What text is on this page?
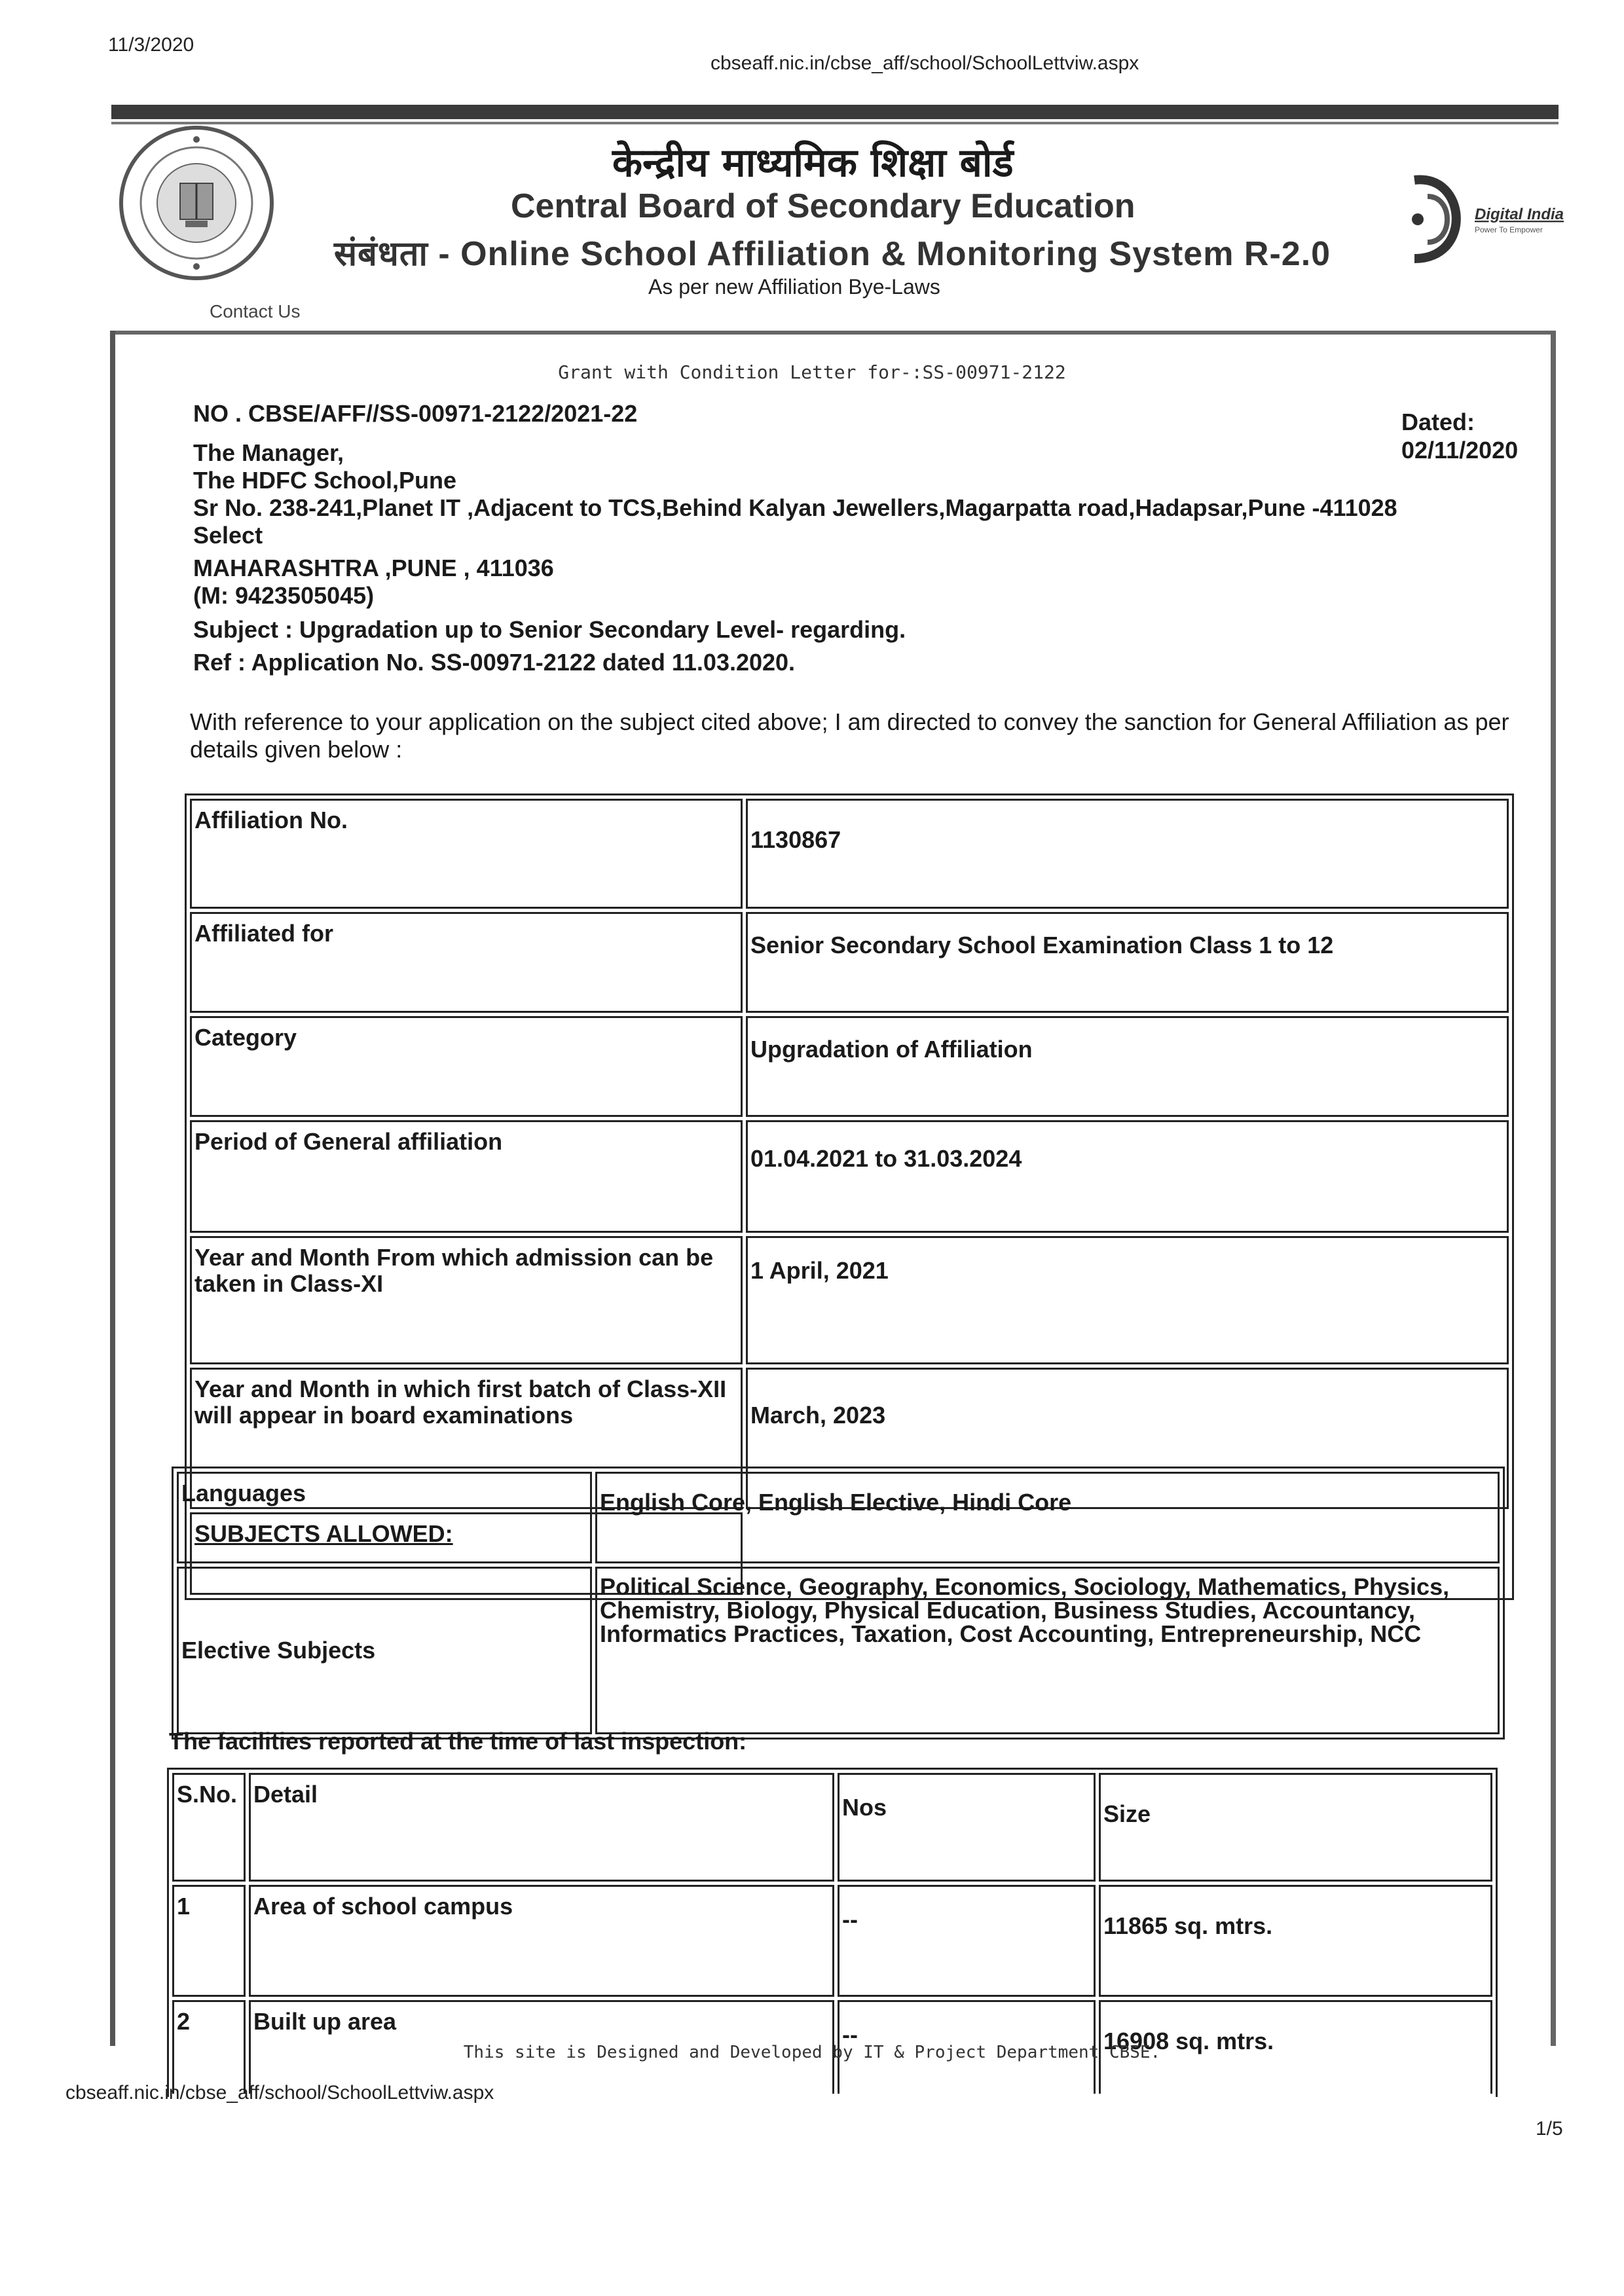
11/3/2020
cbseaff.nic.in/cbse_aff/school/SchoolLettviw.aspx
केन्द्रीय माध्यमिक शिक्षा बोर्ड
Central Board of Secondary Education
संबंधता - Online School Affiliation & Monitoring System R-2.0
As per new Affiliation Bye-Laws
Contact Us
Digital India
Power To Empower
Grant with Condition Letter for-:SS-00971-2122
NO . CBSE/AFF//SS-00971-2122/2021-22	Dated:
02/11/2020
The Manager,
The HDFC School,Pune
Sr No. 238-241,Planet IT ,Adjacent to TCS,Behind Kalyan Jewellers,Magarpatta road,Hadapsar,Pune -411028
Select
MAHARASHTRA ,PUNE , 411036
(M: 9423505045)
Subject : Upgradation up to Senior Secondary Level- regarding.
Ref : Application No. SS-00971-2122 dated 11.03.2020.
With reference to your application on the subject cited above; I am directed to convey the sanction for General Affiliation as per details given below :
Affiliation No.	1130867
Affiliated for	Senior Secondary School Examination Class 1 to 12
Category	Upgradation of Affiliation
Period of General affiliation	01.04.2021 to 31.03.2024
Year and Month From which admission can be taken in Class-XI	1 April, 2021
Year and Month in which first batch of Class-XII will appear in board examinations	March, 2023
SUBJECTS ALLOWED:	
Languages	English Core, English Elective, Hindi Core
Elective Subjects	Political Science, Geography, Economics, Sociology, Mathematics, Physics, Chemistry, Biology, Physical Education, Business Studies, Accountancy, Informatics Practices, Taxation, Cost Accounting, Entrepreneurship, NCC
The facilities reported at the time of last inspection:
S.No.	Detail	Nos	Size
1	Area of school campus	--	11865 sq. mtrs.
2	Built up area	--	16908 sq. mtrs.
This site is Designed and Developed by IT & Project Department CBSE.
cbseaff.nic.in/cbse_aff/school/SchoolLettviw.aspx
1/5
